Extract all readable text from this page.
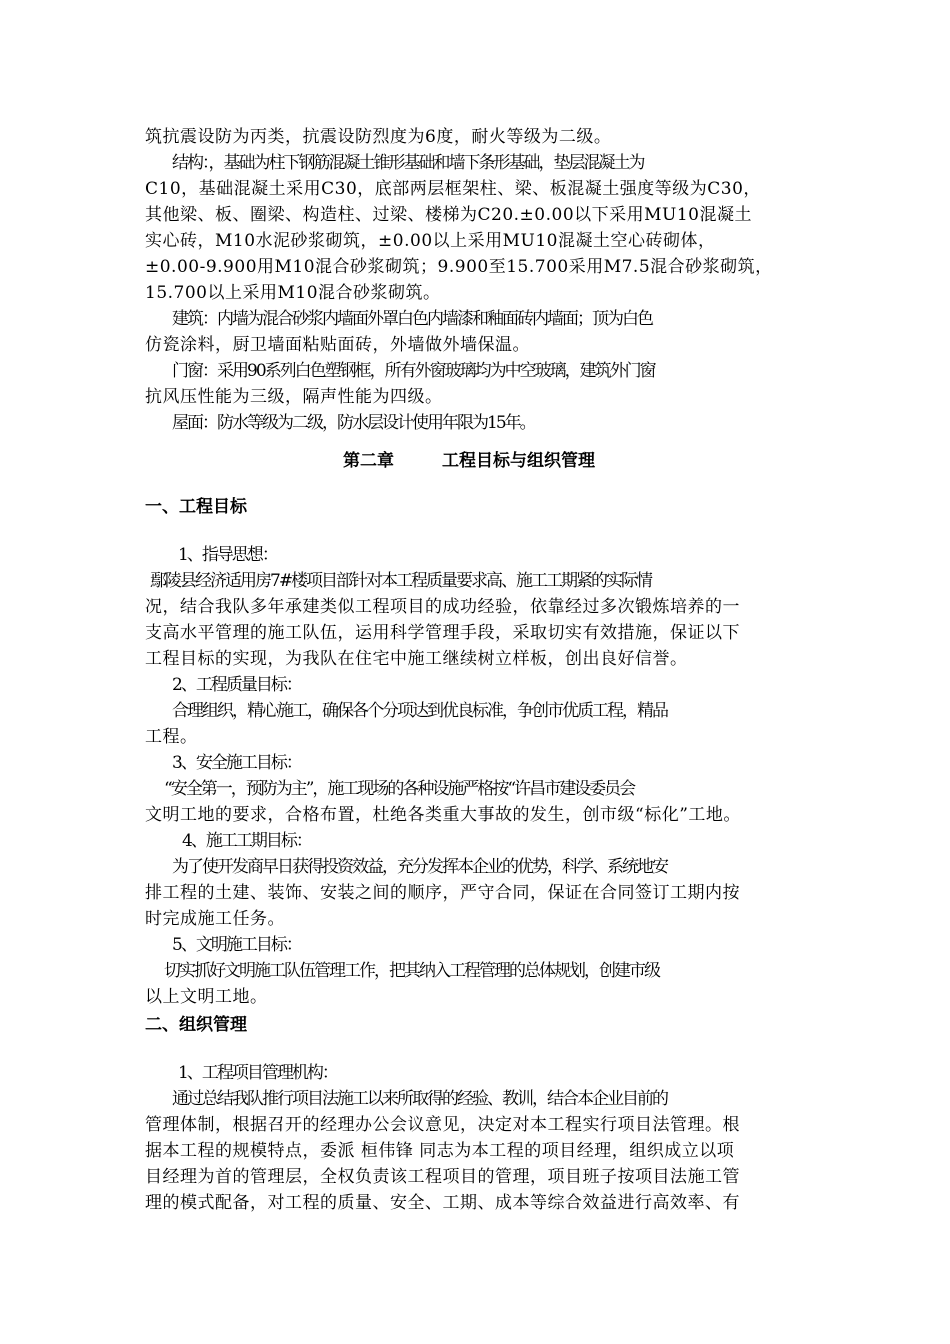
筑抗震设防为丙类，抗震设防烈度为6度，耐火等级为二级。
结构：，基础为柱下钢筋混凝土锥形基础和墙下条形基础，垫层混凝土为
C10，基础混凝土采用C30，底部两层框架柱、梁、板混凝土强度等级为C30，
其他梁、板、圈梁、构造柱、过梁、楼梯为C20.±0.00以下采用MU10混凝土
实心砖，M10水泥砂浆砌筑，±0.00以上采用MU10混凝土空心砖砌体，
±0.00-9.900用M10混合砂浆砌筑；9.900至15.700采用M7.5混合砂浆砌筑，
15.700以上采用M10混合砂浆砌筑。
建筑：内墙为混合砂浆内墙面外罩白色内墙漆和釉面砖内墙面；顶为白色
仿瓷涂料，厨卫墙面粘贴面砖，外墙做外墙保温。
门窗：采用90系列白色塑钢框，所有外窗玻璃均为中空玻璃，建筑外门窗
抗风压性能为三级，隔声性能为四级。
屋面：防水等级为二级，防水层设计使用年限为15年。
第二章	工程目标与组织管理
一、工程目标
1、指导思想：
鄢陵县经济适用房7#楼项目部针对本工程质量要求高、施工工期紧的实际情
况，结合我队多年承建类似工程项目的成功经验，依靠经过多次锻炼培养的一
支高水平管理的施工队伍，运用科学管理手段，采取切实有效措施，保证以下
工程目标的实现，为我队在住宅中施工继续树立样板，创出良好信誉。
2、工程质量目标：
合理组织，精心施工，确保各个分项达到优良标准，争创市优质工程，精品
工程。
3、安全施工目标：
“安全第一，预防为主”，施工现场的各种设施严格按“许昌市建设委员会
文明工地的要求，合格布置，杜绝各类重大事故的发生，创市级“标化”工地。
4、施工工期目标：
为了使开发商早日获得投资效益，充分发挥本企业的优势，科学、系统地安
排工程的土建、装饰、安装之间的顺序，严守合同，保证在合同签订工期内按
时完成施工任务。
5、文明施工目标：
切实抓好文明施工队伍管理工作，把其纳入工程管理的总体规划，创建市级
以上文明工地。
二、组织管理
1、工程项目管理机构：
通过总结我队推行项目法施工以来所取得的经验、教训，结合本企业目前的
管理体制，根据召开的经理办公会议意见，决定对本工程实行项目法管理。根
据本工程的规模特点，委派 桓伟锋 同志为本工程的项目经理，组织成立以项
目经理为首的管理层，全权负责该工程项目的管理，项目班子按项目法施工管
理的模式配备，对工程的质量、安全、工期、成本等综合效益进行高效率、有
